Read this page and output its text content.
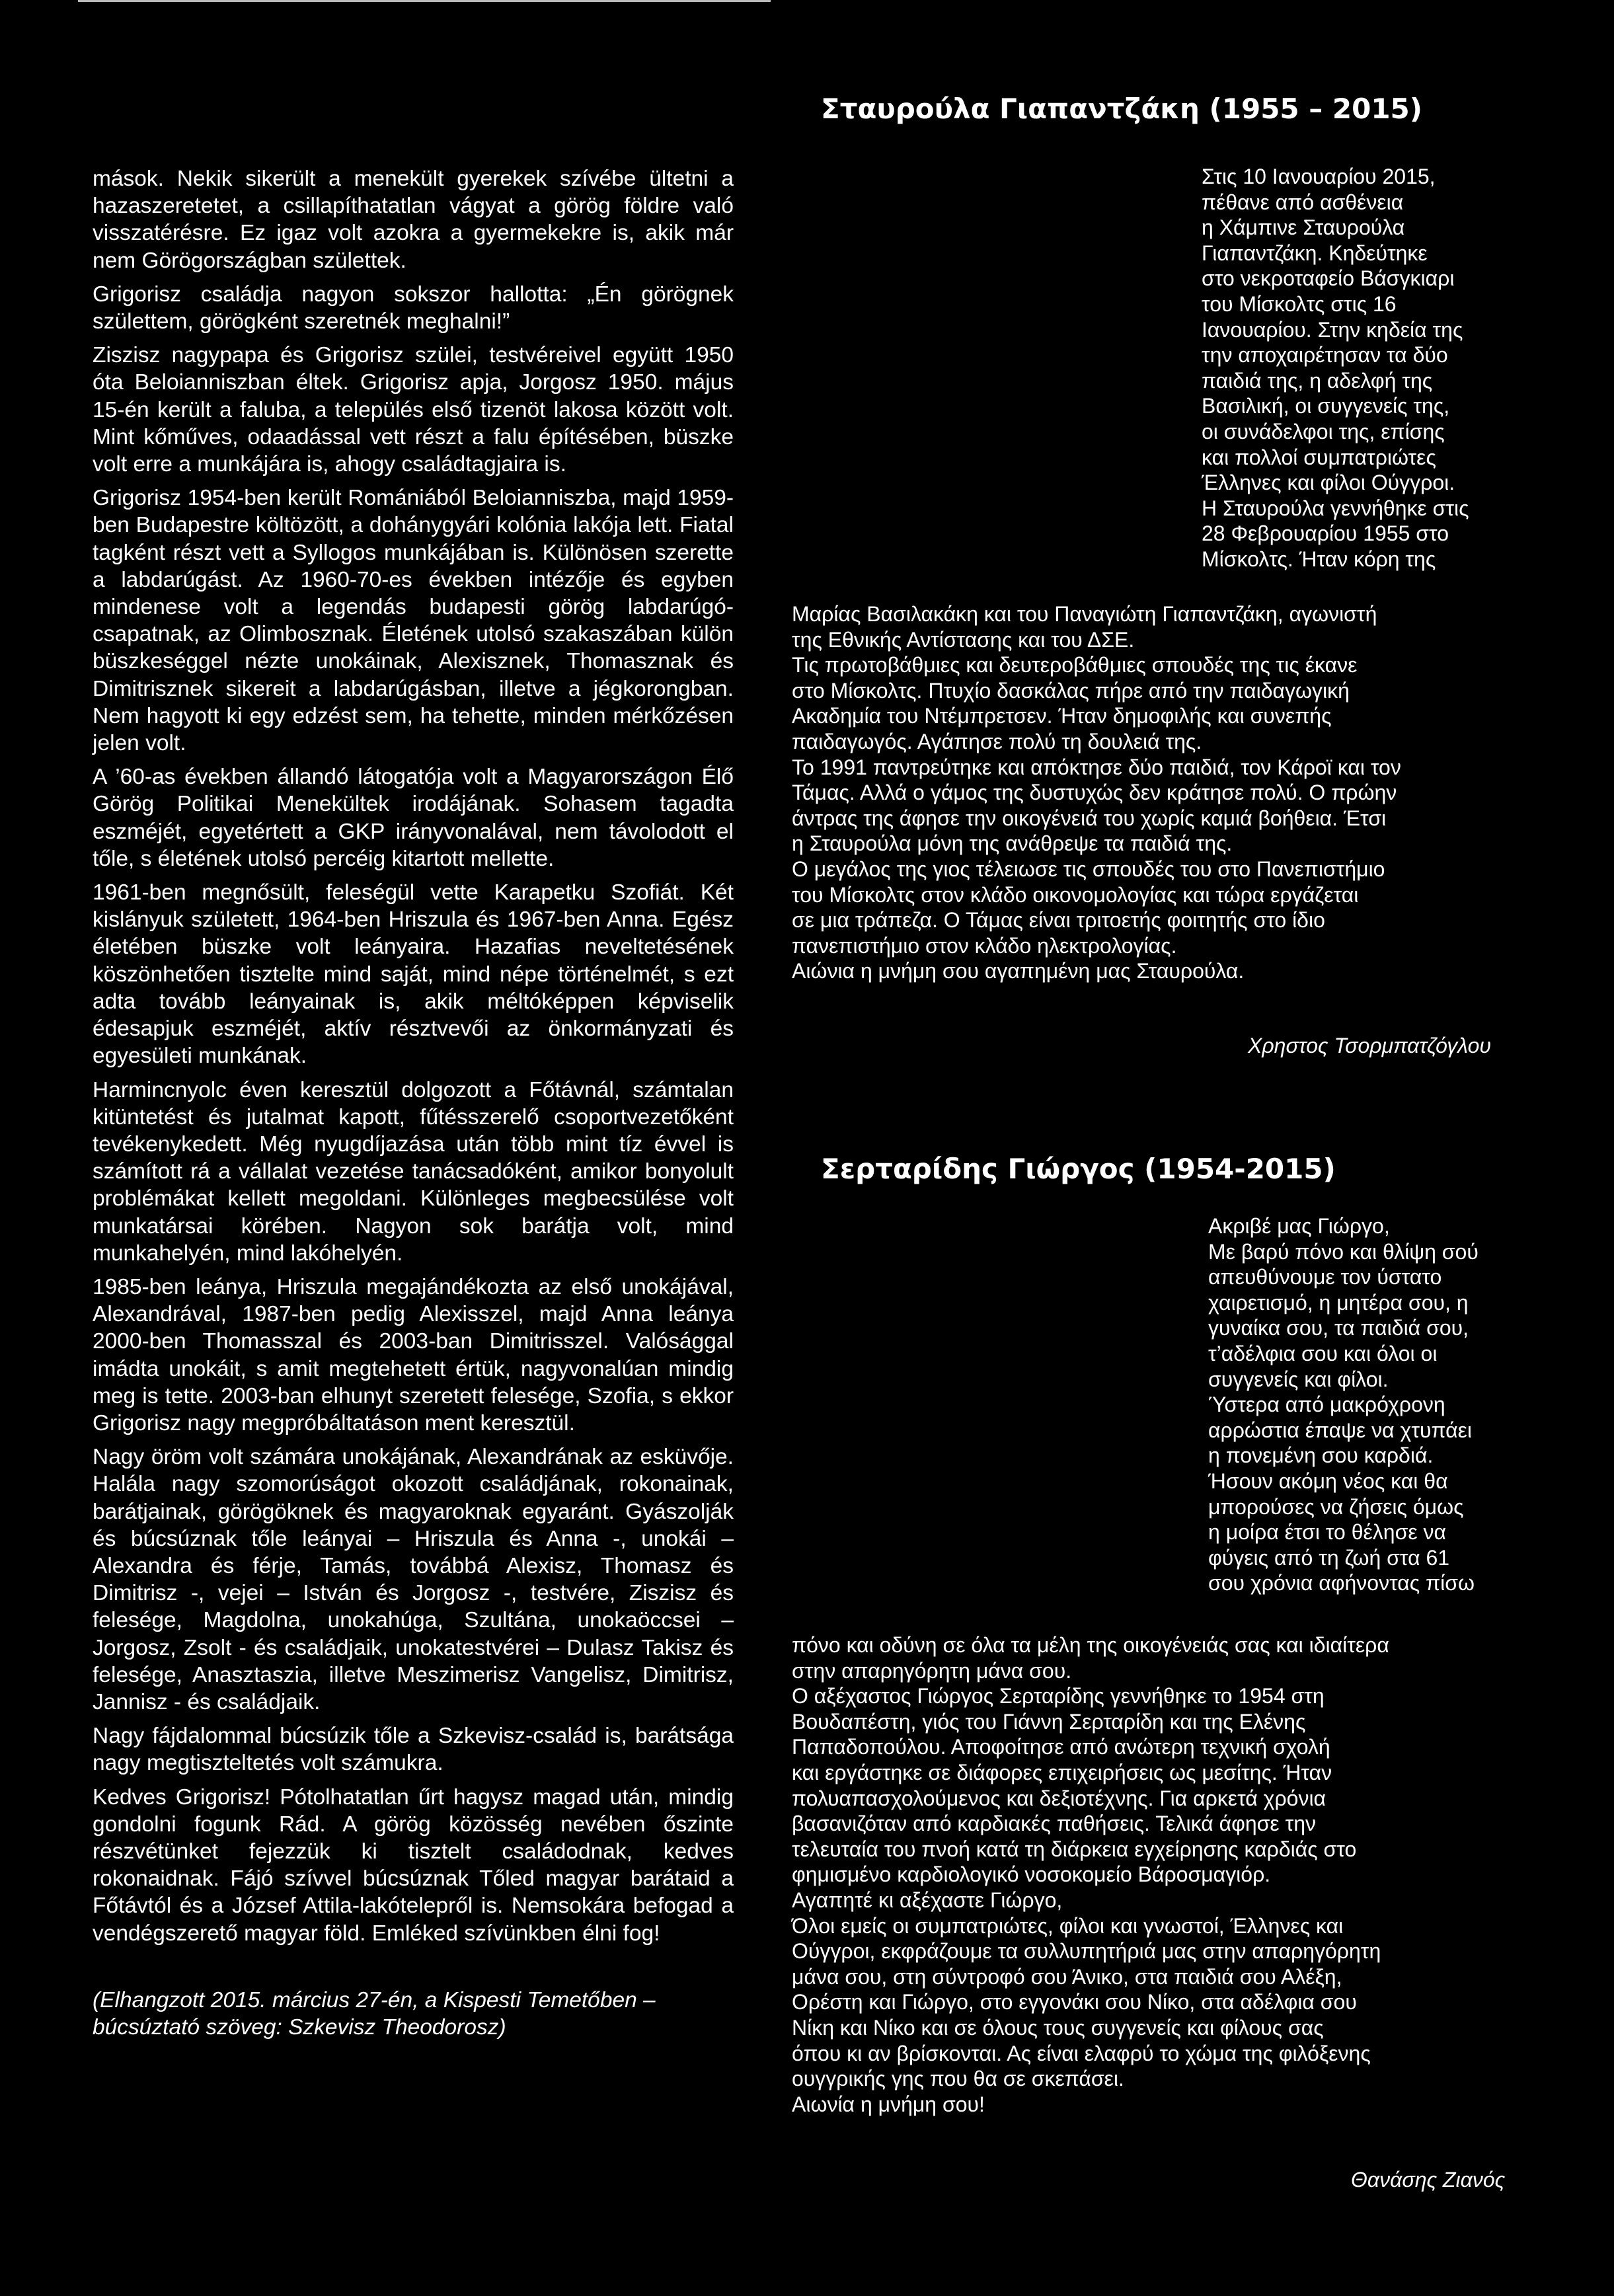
mások. Nekik sikerült a menekült gyerekek szívébe ültetni a hazaszeretetet, a csillapíthatatlan vágyat a görög földre való visszatérésre. Ez igaz volt azokra a gyermekekre is, akik már nem Görögországban születtek.

Grigorisz családja nagyon sokszor hallotta: „Én görögnek születtem, görögként szeretnék meghalni!”

Ziszisz nagypapa és Grigorisz szülei, testvéreivel együtt 1950 óta Beloianniszban éltek. Grigorisz apja, Jorgosz 1950. május 15-én került a faluba, a település első tizenöt lakosa között volt. Mint kőműves, odaadással vett részt a falu építésében, büszke volt erre a munkájára is, ahogy családtagjaira is.

Grigorisz 1954-ben került Romániából Beloianniszba, majd 1959-ben Budapestre költözött, a dohánygyári kolónia lakója lett. Fiatal tagként részt vett a Syllogos munkájában is. Különösen szerette a labdarúgást. Az 1960-70-es években intézője és egyben mindenese volt a legendás budapesti görög labdarúgó-csapatnak, az Olimbosznak. Életének utolsó szakaszában külön büszkeséggel nézte unokáinak, Alexisznek, Thomasznak és Dimitrisznek sikereit a labdarúgásban, illetve a jégkorongban. Nem hagyott ki egy edzést sem, ha tehette, minden mérkőzésen jelen volt.

A ’60-as években állandó látogatója volt a Magyarországon Élő Görög Politikai Menekültek irodájának. Sohasem tagadta eszméjét, egyetértett a GKP irányvonalával, nem távolodott el tőle, s életének utolsó percéig kitartott mellette.

1961-ben megnősült, feleségül vette Karapetku Szofiát. Két kislányuk született, 1964-ben Hriszula és 1967-ben Anna. Egész életében büszke volt leányaira. Hazafias neveltetésének köszönhetően tisztelte mind saját, mind népe történelmét, s ezt adta tovább leányainak is, akik méltóképpen képviselik édesapjuk eszméjét, aktív résztvevői az önkormányzati és egyesületi munkának.

Harmincnyolc éven keresztül dolgozott a Főtávnál, számtalan kitüntetést és jutalmat kapott, fűtésszerelő csoportvezetőként tevékenykedett. Még nyugdíjazása után több mint tíz évvel is számított rá a vállalat vezetése tanácsadóként, amikor bonyolult problémákat kellett megoldani. Különleges megbecsülése volt munkatársai körében. Nagyon sok barátja volt, mind munkahelyén, mind lakóhelyén.

1985-ben leánya, Hriszula megajándékozta az első unokájával, Alexandrával, 1987-ben pedig Alexisszel, majd Anna leánya 2000-ben Thomasszal és 2003-ban Dimitrisszel. Valósággal imádta unokáit, s amit megtehetett értük, nagyvonalúan mindig meg is tette. 2003-ban elhunyt szeretett felesége, Szofia, s ekkor Grigorisz nagy megpróbáltatáson ment keresztül.

Nagy öröm volt számára unokájának, Alexandrának az esküvője. Halála nagy szomorúságot okozott családjának, rokonainak, barátjainak, görögöknek és magyaroknak egyaránt. Gyászolják és búcsúznak tőle leányai – Hriszula és Anna -, unokái – Alexandra és férje, Tamás, továbbá Alexisz, Thomasz és Dimitrisz -, vejei – István és Jorgosz -, testvére, Ziszisz és felesége, Magdolna, unokahúga, Szultána, unokaöccsei – Jorgosz, Zsolt - és családjaik, unokatestvérei – Dulasz Takisz és felesége, Anasztaszia, illetve Meszimerisz Vangelisz, Dimitrisz, Jannisz - és családjaik.

Nagy fájdalommal búcsúzik tőle a Szkevisz-család is, barátsága nagy megtiszteltetés volt számukra.

Kedves Grigorisz! Pótolhatatlan űrt hagysz magad után, mindig gondolni fogunk Rád. A görög közösség nevében őszinte részvétünket fejezzük ki tisztelt családodnak, kedves rokonaidnak. Fájó szívvel búcsúznak Tőled magyar barátaid a Főtávtól és a József Attila-lakótelepről is. Nemsokára befogad a vendégszerető magyar föld. Emléked szívünkben élni fog!

(Elhangzott 2015. március 27-én, a Kispesti Temetőben – búcsúztató szöveg: Szkevisz Theodorosz)

Σταυρούλα Γιαπαντζάκη (1955 – 2015)
Στις 10 Ιανουαρίου 2015,
πέθανε από ασθένεια
η Χάμπινε Σταυρούλα
Γιαπαντζάκη. Κηδεύτηκε
στο νεκροταφείο Βάσγκιαρι
του Μίσκολτς στις 16
Ιανουαρίου. Στην κηδεία της
την αποχαιρέτησαν τα δύο
παιδιά της, η αδελφή της
Βασιλική, οι συγγενείς της,
οι συνάδελφοι της, επίσης
και πολλοί συμπατριώτες
Έλληνες και φίλοι Ούγγροι.
Η Σταυρούλα γεννήθηκε στις
28 Φεβρουαρίου 1955 στο
Μίσκολτς. Ήταν κόρη της
Μαρίας Βασιλακάκη και του Παναγιώτη Γιαπαντζάκη, αγωνιστή
της Εθνικής Αντίστασης και του ΔΣΕ.
Τις πρωτοβάθμιες και δευτεροβάθμιες σπουδές της τις έκανε
στο Μίσκολτς. Πτυχίο δασκάλας πήρε από την παιδαγωγική
Ακαδημία του Ντέμπρετσεν. Ήταν δημοφιλής και συνεπής
παιδαγωγός. Αγάπησε πολύ τη δουλειά της.
Το 1991 παντρεύτηκε και απόκτησε δύο παιδιά, τον Κάροϊ και τον
Τάμας. Αλλά ο γάμος της δυστυχώς δεν κράτησε πολύ. Ο πρώην
άντρας της άφησε την οικογένειά του χωρίς καμιά βοήθεια. Έτσι
η Σταυρούλα μόνη της ανάθρεψε τα παιδιά της.
Ο μεγάλος της γιος τέλειωσε τις σπουδές του στο Πανεπιστήμιο
του Μίσκολτς στον κλάδο οικονομολογίας και τώρα εργάζεται
σε μια τράπεζα. Ο Τάμας είναι τριτοετής φοιτητής στο ίδιο
πανεπιστήμιο στον κλάδο ηλεκτρολογίας.
Αιώνια η μνήμη σου αγαπημένη μας Σταυρούλα.
Χρηστος Τσορμπατζόγλου
Σερταρίδης Γιώργος (1954-2015)
Ακριβέ μας Γιώργο,
Με βαρύ πόνο και θλίψη σού
απευθύνουμε τον ύστατο
χαιρετισμό, η μητέρα σου, η
γυναίκα σου, τα παιδιά σου,
τ’αδέλφια σου και όλοι οι
συγγενείς και φίλοι.
Ύστερα από μακρόχρονη
αρρώστια έπαψε να χτυπάει
η πονεμένη σου καρδιά.
Ήσουν ακόμη νέος και θα
μπορούσες να ζήσεις όμως
η μοίρα έτσι το θέλησε να
φύγεις από τη ζωή στα 61
σου χρόνια αφήνοντας πίσω
πόνο και οδύνη σε όλα τα μέλη της οικογένειάς σας και ιδιαίτερα
στην απαρηγόρητη μάνα σου.
Ο αξέχαστος Γιώργος Σερταρίδης γεννήθηκε το 1954 στη
Βουδαπέστη, γιός του Γιάννη Σερταρίδη και της Ελένης
Παπαδοπούλου. Αποφοίτησε από ανώτερη τεχνική σχολή
και εργάστηκε σε διάφορες επιχειρήσεις ως μεσίτης. Ήταν
πολυαπασχολούμενος και δεξιοτέχνης. Για αρκετά χρόνια
βασανιζόταν από καρδιακές παθήσεις. Τελικά άφησε την
τελευταία του πνοή κατά τη διάρκεια εγχείρησης καρδιάς στο
φημισμένο καρδιολογικό νοσοκομείο Βάροσμαγιόρ.
Αγαπητέ κι αξέχαστε Γιώργο,
Όλοι εμείς οι συμπατριώτες, φίλοι και γνωστοί, Έλληνες και
Ούγγροι, εκφράζουμε τα συλλυπητήριά μας στην απαρηγόρητη
μάνα σου, στη σύντροφό σου Άνικο, στα παιδιά σου Αλέξη,
Ορέστη και Γιώργο, στο εγγονάκι σου Νίκο, στα αδέλφια σου
Νίκη και Νίκο και σε όλους τους συγγενείς και φίλους σας
όπου κι αν βρίσκονται. Ας είναι ελαφρύ το χώμα της φιλόξενης
ουγγρικής γης που θα σε σκεπάσει.
Αιωνία η μνήμη σου!
Θανάσης Ζιανός
